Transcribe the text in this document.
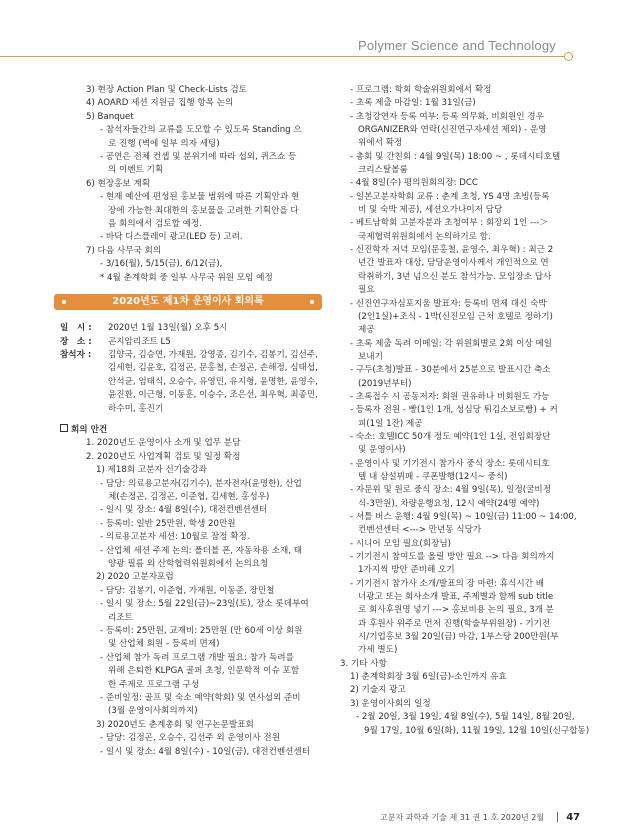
Polymer Science and Technology
3) 현장 Action Plan 및 Check-Lists 검토
4) AOARD 세션 지원금 집행 항목 논의
5) Banquet
- 참석자들간의 교류를 도모할 수 있도록 Standing 으
로 진행 (벽에 일부 의자 세팅)
- 공연은 전체 컨셉 및 분위기에 따라 섭외, 퀴즈쇼 등
의 이벤트 기획
6) 현장홍보 계획
- 현재 예산에 편성된 홍보물 범위에 따른 기획안과 현
장에 가능한 최대한의 홍보물을 고려한 기획안을 다
음 회의에서 검토할 예정.
- 바닥 디스플레이 광고(LED 등) 고려.
7) 다음 사무국 회의
- 3/16(월), 5/15(금), 6/12(금),
* 4월 춘계학회 중 일부 사무국 위원 모임 예정
2020년도 제1차 운영이사 회의록
일　시 :	2020년 1월 13일(월) 오후 5시
장　소 :	곤지암리조트 L5
참석자 :	김양국, 김승연, 가재원, 강영종, 김기수, 김봉기, 김선주,
김세현, 김윤호, 김정곤, 문홍철, 손정곤, 손해정, 심태섭,
안석균, 엄태식, 오승수, 유영민, 유지형, 윤명한, 윤영수,
윤진환, 이근형, 이동훈, 이승수, 조은선, 최우혁, 최종민,
하수미, 홍진기
회의 안건
1. 2020년도 운영이사 소개 및 업무 분담
2. 2020년도 사업계획 검토 및 일정 확정
1) 제18회 고분자 신기술강좌
- 담당: 의료용고분자(김기수), 분자전자(윤명한), 산업
체(손정곤, 김정곤, 이준협, 김세현, 홍성우)
- 일시 및 장소: 4월 8일(수), 대전컨벤션센터
- 등록비: 일반 25만원, 학생 20만원
- 의료용고분자 세션: 10월로 잠정 확정.
- 산업체 세션 주제 논의: 폴더블 폰, 자동차용 소재, 태
양광 필름 외 산학협력위원회에서 논의요청
2) 2020 고분자포럼
- 담당: 김봉기, 이준협, 가재원, 이동준, 장민철
- 일시 및 장소: 5월 22일(금)~23일(토), 장소 롯데부여
리조트
- 등록비: 25만원, 교재비: 25만원 (만 60세 이상 회원
및 산업체 회원 - 등록비 면제)
- 산업체 참가 독려 프로그램 개발 필요: 참가 독려를
위해 은퇴한 KLPGA 골퍼 초청, 인문학적 이슈 포함
한 주제로 프로그램 구성
- 준비일정: 골프 및 숙소 예약(학회) 및 연사섭외 준비
(3월 운영이사회의까지)
3) 2020년도 춘계총회 및 연구논문발표회
- 담당: 김정곤, 오승수, 김선주 외 운영이사 전원
- 일시 및 장소: 4월 8일(수) - 10일(금), 대전컨벤션센터
- 프로그램: 학회 학술위원회에서 확정
- 초록 제출 마감일: 1월 31일(금)
- 초청강연자 등록 여부: 등록 의무화, 비회원인 경우
ORGANIZER와 연락(신진연구자세션 제외) - 운영
위에서 확정
- 총회 및 간친회 : 4월 9일(목) 18:00 ~ , 롯데시티호텔
크리스탈볼룸
- 4월 8일(수) 평의원회의장: DCC
- 일본고분자학회 교류 : 춘계 초청, YS 4명 초빙(등록
비 및 숙박 제공), 세션오가나이저 담당
- 베트남학회 고분자분과 초청여부 : 회장외 1인 ---＞
국제협력위원회에서 논의하기로 함.
- 신진학자 저녁 모임(문홍철, 윤영수, 최우혁) : 최근 2
년간 발표자 대상, 담당운영이사께서 개인적으로 연
락취하기, 3년 넘으신 분도 참석가능. 모임장소 답사
필요
- 신진연구자심포지움 발표자: 등록비 면제 대신 숙박
(2인1실)+조식 - 1박(신진모임 근처 호텔로 정하기)
제공
- 초록 제출 독려 이메일: 각 위원회별로 2회 이상 메일
보내기
- 구두(초청)발표 - 30분에서 25분으로 발표시간 축소
(2019년부터)
- 초록접수 시 공동저자: 회원 권유하나 비회원도 가능
- 등록자 전원 - 빵(1인 1개, 성심당 튀김소보로빵) + 커
피(1일 1잔) 제공
- 숙소: 호텔ICC 50개 정도 예약(1인 1실, 전임회장단
및 운영이사)
- 운영이사 및 기기전시 참가사 중식 장소: 롯데시티호
텔 내 삼설뷔페 - 쿠폰발행(12시~ 중식)
- 자문위 및 원로 중식 장소: 4월 9일(목), 일정(굴비정
식-3만원), 차량운행요청, 12시 예약(24명 예약)
- 셔틀 버스 운행: 4월 9일(목) ~ 10일(금) 11:00 ~ 14:00,
컨벤션센터 <---> 만년동 식당가
- 시니어 모임 필요(회장님)
- 기기전시 참여도를 올릴 방안 필요 --> 다음 회의까지
1가지씩 방안 준비해 오기
- 기기전시 참가사 소개/발표의 장 마련: 휴식시간 배
너광고 또는 회사소개 발표, 주제별과 함께 sub title
로 회사후원명 넣기 ---> 홍보비용 논의 필요, 3개 분
과 후원사 위주로 먼저 진행(학술부위원장) - 기기전
시/기업홍보 3월 20일(금) 마감, 1부스당 200만원(부
가세 별도)
3. 기타 사항
1) 춘계학회장 3월 6일(금)-소인까지 유효
2) 기술지 광고
3) 운영이사회의 일정
- 2월 20일, 3월 19일, 4월 8일(수), 5월 14일, 8월 20일,
9월 17일, 10월 6일(화), 11월 19일, 12월 10일(신구합동)
고분자 과학과 기술 제 31 권 1 호 2020년 2월 47
